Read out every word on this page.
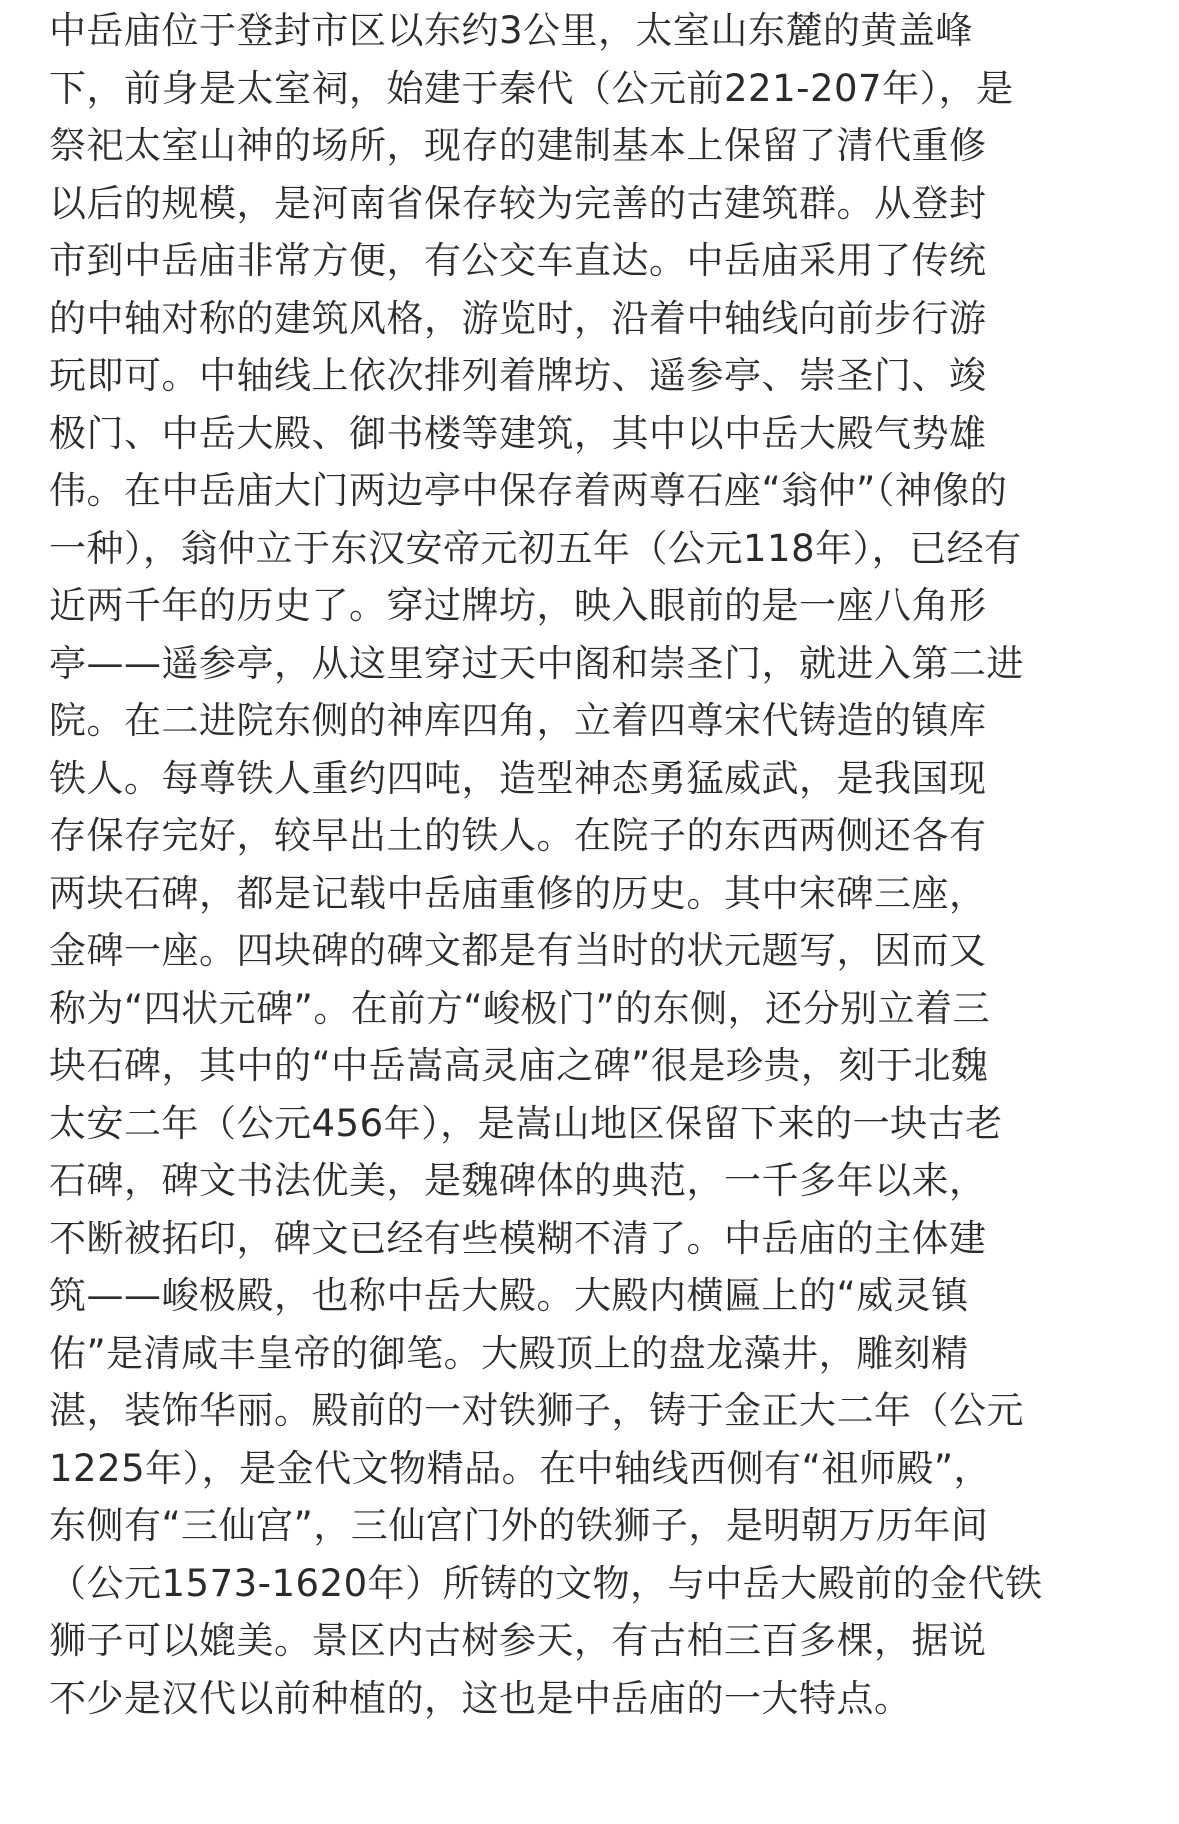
中岳庙位于登封市区以东约3公里，太室山东麓的黄盖峰
下，前身是太室祠，始建于秦代（公元前221-207年），是
祭祀太室山神的场所，现存的建制基本上保留了清代重修
以后的规模，是河南省保存较为完善的古建筑群。从登封
市到中岳庙非常方便，有公交车直达。中岳庙采用了传统
的中轴对称的建筑风格，游览时，沿着中轴线向前步行游
玩即可。中轴线上依次排列着牌坊、遥参亭、崇圣门、竣
极门、中岳大殿、御书楼等建筑，其中以中岳大殿气势雄
伟。在中岳庙大门两边亭中保存着两尊石座“翁仲”（神像的
一种），翁仲立于东汉安帝元初五年（公元118年），已经有
近两千年的历史了。穿过牌坊，映入眼前的是一座八角形
亭——遥参亭，从这里穿过天中阁和崇圣门，就进入第二进
院。在二进院东侧的神库四角，立着四尊宋代铸造的镇库
铁人。每尊铁人重约四吨，造型神态勇猛威武，是我国现
存保存完好，较早出土的铁人。在院子的东西两侧还各有
两块石碑，都是记载中岳庙重修的历史。其中宋碑三座，
金碑一座。四块碑的碑文都是有当时的状元题写，因而又
称为“四状元碑”。在前方“峻极门”的东侧，还分别立着三
块石碑，其中的“中岳嵩高灵庙之碑”很是珍贵，刻于北魏
太安二年（公元456年），是嵩山地区保留下来的一块古老
石碑，碑文书法优美，是魏碑体的典范，一千多年以来，
不断被拓印，碑文已经有些模糊不清了。中岳庙的主体建
筑——峻极殿，也称中岳大殿。大殿内横匾上的“威灵镇
佑”是清咸丰皇帝的御笔。大殿顶上的盘龙藻井，雕刻精
湛，装饰华丽。殿前的一对铁狮子，铸于金正大二年（公元
1225年），是金代文物精品。在中轴线西侧有“祖师殿”，
东侧有“三仙宫”，三仙宫门外的铁狮子，是明朝万历年间
（公元1573-1620年）所铸的文物，与中岳大殿前的金代铁
狮子可以媲美。景区内古树参天，有古柏三百多棵，据说
不少是汉代以前种植的，这也是中岳庙的一大特点。
